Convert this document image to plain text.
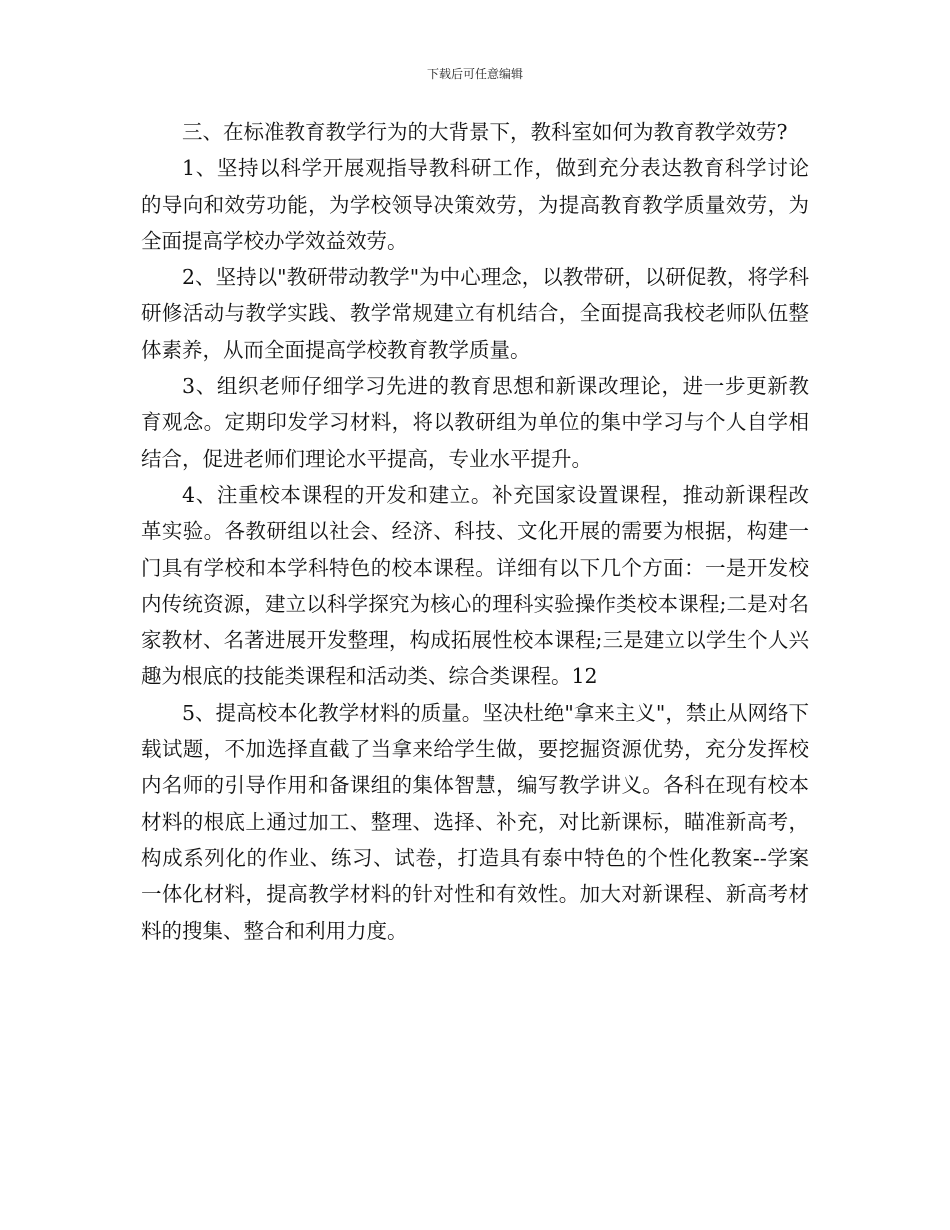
下载后可任意编辑

三、在标准教育教学行为的大背景下，教科室如何为教育教学效劳?

1、坚持以科学开展观指导教科研工作，做到充分表达教育科学讨论的导向和效劳功能，为学校领导决策效劳，为提高教育教学质量效劳，为全面提高学校办学效益效劳。

2、坚持以"教研带动教学"为中心理念，以教带研，以研促教，将学科研修活动与教学实践、教学常规建立有机结合，全面提高我校老师队伍整体素养，从而全面提高学校教育教学质量。

3、组织老师仔细学习先进的教育思想和新课改理论，进一步更新教育观念。定期印发学习材料，将以教研组为单位的集中学习与个人自学相结合，促进老师们理论水平提高，专业水平提升。

4、注重校本课程的开发和建立。补充国家设置课程，推动新课程改革实验。各教研组以社会、经济、科技、文化开展的需要为根据，构建一门具有学校和本学科特色的校本课程。详细有以下几个方面：一是开发校内传统资源，建立以科学探究为核心的理科实验操作类校本课程;二是对名家教材、名著进展开发整理，构成拓展性校本课程;三是建立以学生个人兴趣为根底的技能类课程和活动类、综合类课程。12

5、提高校本化教学材料的质量。坚决杜绝"拿来主义"，禁止从网络下载试题，不加选择直截了当拿来给学生做，要挖掘资源优势，充分发挥校内名师的引导作用和备课组的集体智慧，编写教学讲义。各科在现有校本材料的根底上通过加工、整理、选择、补充，对比新课标，瞄准新高考，构成系列化的作业、练习、试卷，打造具有泰中特色的个性化教案--学案一体化材料，提高教学材料的针对性和有效性。加大对新课程、新高考材料的搜集、整合和利用力度。
